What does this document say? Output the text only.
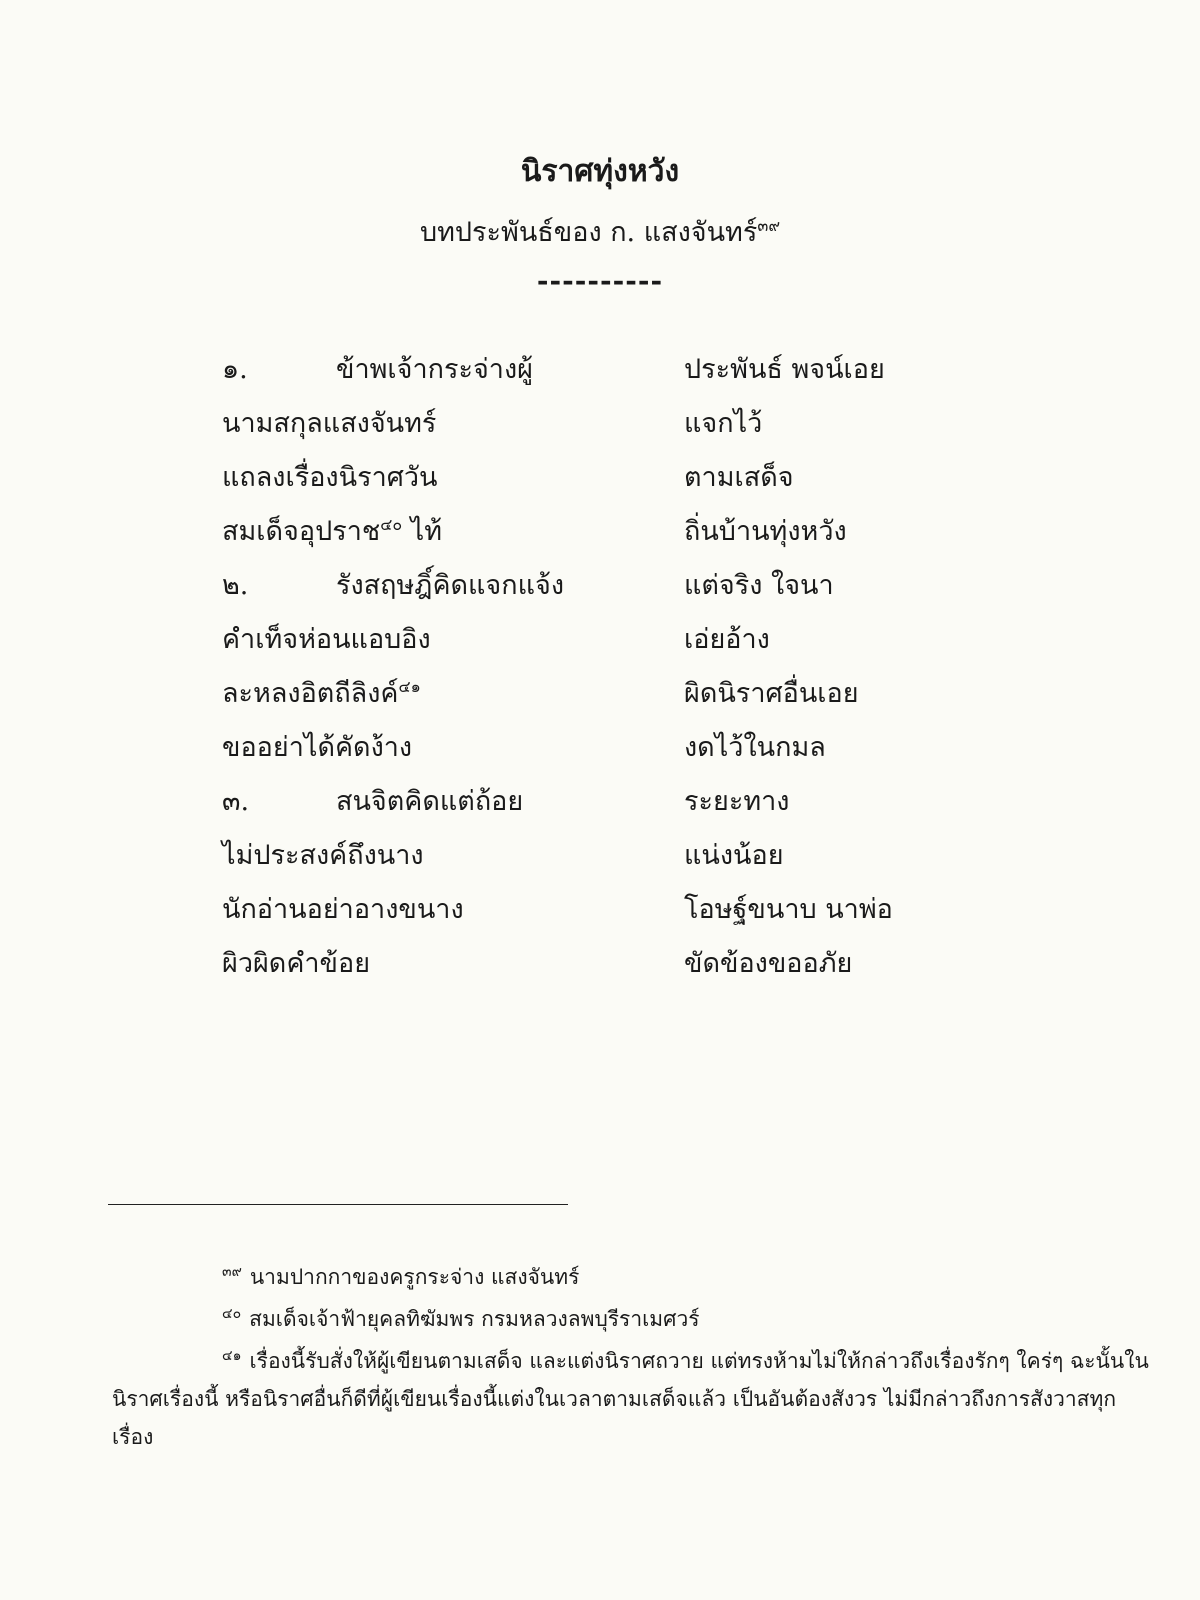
นิราศทุ่งหวัง
บทประพันธ์ของ ก. แสงจันทร์$^{๓๙}$
----------
๑.	ข้าพเจ้ากระจ่างผู้	ประพันธ์ พจน์เอย
นามสกุลแสงจันทร์	แจกไว้
แถลงเรื่องนิราศวัน	ตามเสด็จ
สมเด็จอุปราช$^{๔๐}$ ไท้	ถิ่นบ้านทุ่งหวัง
๒.	รังสฤษฎิ์คิดแจกแจ้ง	แต่จริง ใจนา
คำเท็จห่อนแอบอิง	เอ่ยอ้าง
ละหลงอิตถีลิงค์$^{๔๑}$	ผิดนิราศอื่นเอย
ขออย่าได้คัดง้าง	งดไว้ในกมล
๓.	สนจิตคิดแต่ถ้อย	ระยะทาง
ไม่ประสงค์ถึงนาง	แน่งน้อย
นักอ่านอย่าอางขนาง	โอษฐ์ขนาบ นาพ่อ
ผิวผิดคำข้อย	ขัดข้องขออภัย
$^{๓๙}$ นามปากกาของครูกระจ่าง แสงจันทร์
$^{๔๐}$ สมเด็จเจ้าฟ้ายุคลทิฆัมพร กรมหลวงลพบุรีราเมศวร์
$^{๔๑}$ เรื่องนี้รับสั่งให้ผู้เขียนตามเสด็จ และแต่งนิราศถวาย แต่ทรงห้ามไม่ให้กล่าวถึงเรื่องรักๆ ใคร่ๆ ฉะนั้นในนิราศเรื่องนี้ หรือนิราศอื่นก็ดีที่ผู้เขียนเรื่องนี้แต่งในเวลาตามเสด็จแล้ว เป็นอันต้องสังวร ไม่มีกล่าวถึงการสังวาสทุกเรื่อง
